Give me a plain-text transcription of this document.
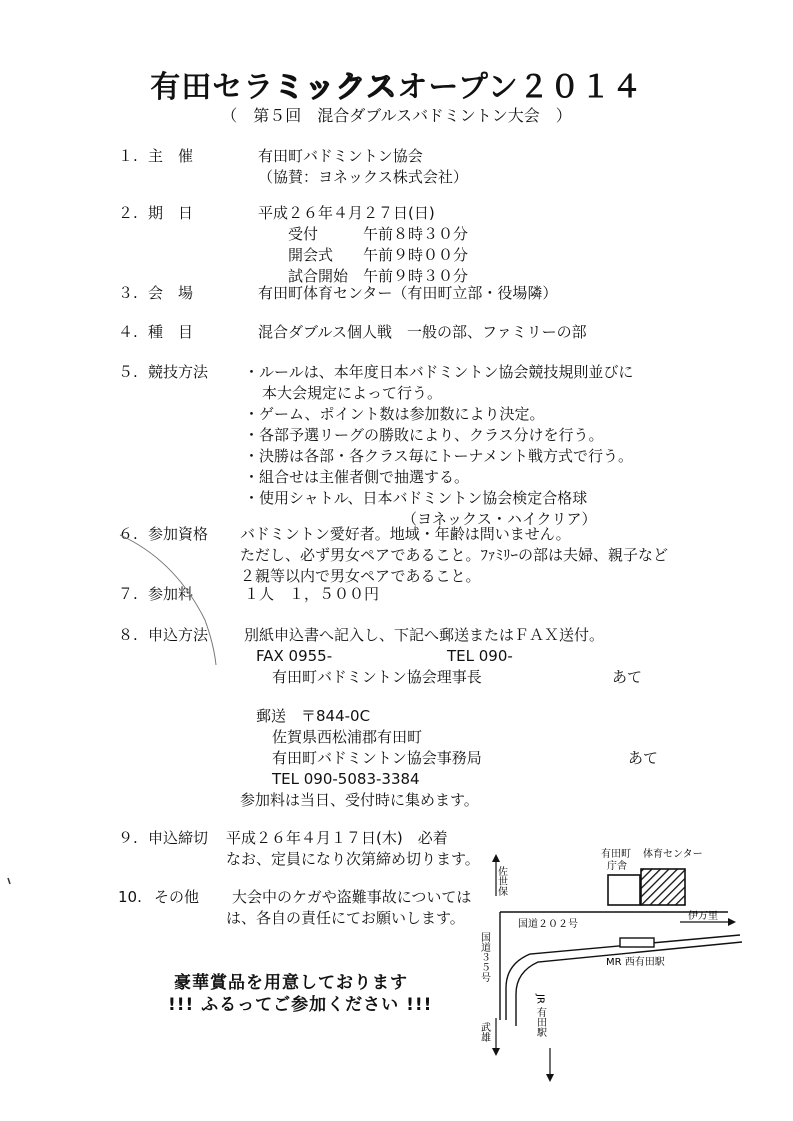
有田セラミックスオープン２０１４
（　第５回　混合ダブルスバドミントン大会　）
１. 主　催	有田町バドミントン協会
（協賛：ヨネックス株式会社）
２. 期　日	平成２６年４月２７日(日)
受付　　　午前８時３０分
開会式　　午前９時００分
試合開始　午前９時３０分
３. 会　場	有田町体育センター（有田町立部・役場隣）
４. 種　目	混合ダブルス個人戦　一般の部、ファミリーの部
５. 競技方法 ・ルールは、本年度日本バドミントン協会競技規則並びに
本大会規定によって行う。
・ゲーム、ポイント数は参加数により決定。
・各部予選リーグの勝敗により、クラス分けを行う。
・決勝は各部・各クラス毎にトーナメント戦方式で行う。
・組合せは主催者側で抽選する。
・使用シャトル、日本バドミントン協会検定合格球
（ヨネックス・ハイクリア）
６. 参加資格 バドミントン愛好者。地域・年齢は問いません。
ただし、必ず男女ペアであること。ﾌｧﾐﾘｰの部は夫婦、親子など
２親等以内で男女ペアであること。
７. 参加料	１人　１，５００円
８. 申込方法 別紙申込書へ記入し、下記へ郵送またはＦＡＸ送付。
FAX 0955-	TEL 090-
有田町バドミントン協会理事長	あて
郵送　〒844-0C
佐賀県西松浦郡有田町
有田町バドミントン協会事務局	あて
TEL 090-5083-3384
参加料は当日、受付時に集めます。
９. 申込締切 平成２６年４月１７日(木)　必着
なお、定員になり次第締め切ります。
10. その他 大会中のケガや盗難事故については
は、各自の責任にてお願いします。
豪華賞品を用意しております
!!! ふるってご参加ください !!!
有田町
庁舎
体育センター
佐世保
国道２０２号
伊万里
国道３５号	MR 西有田駅
武雄	JR 有田駅
